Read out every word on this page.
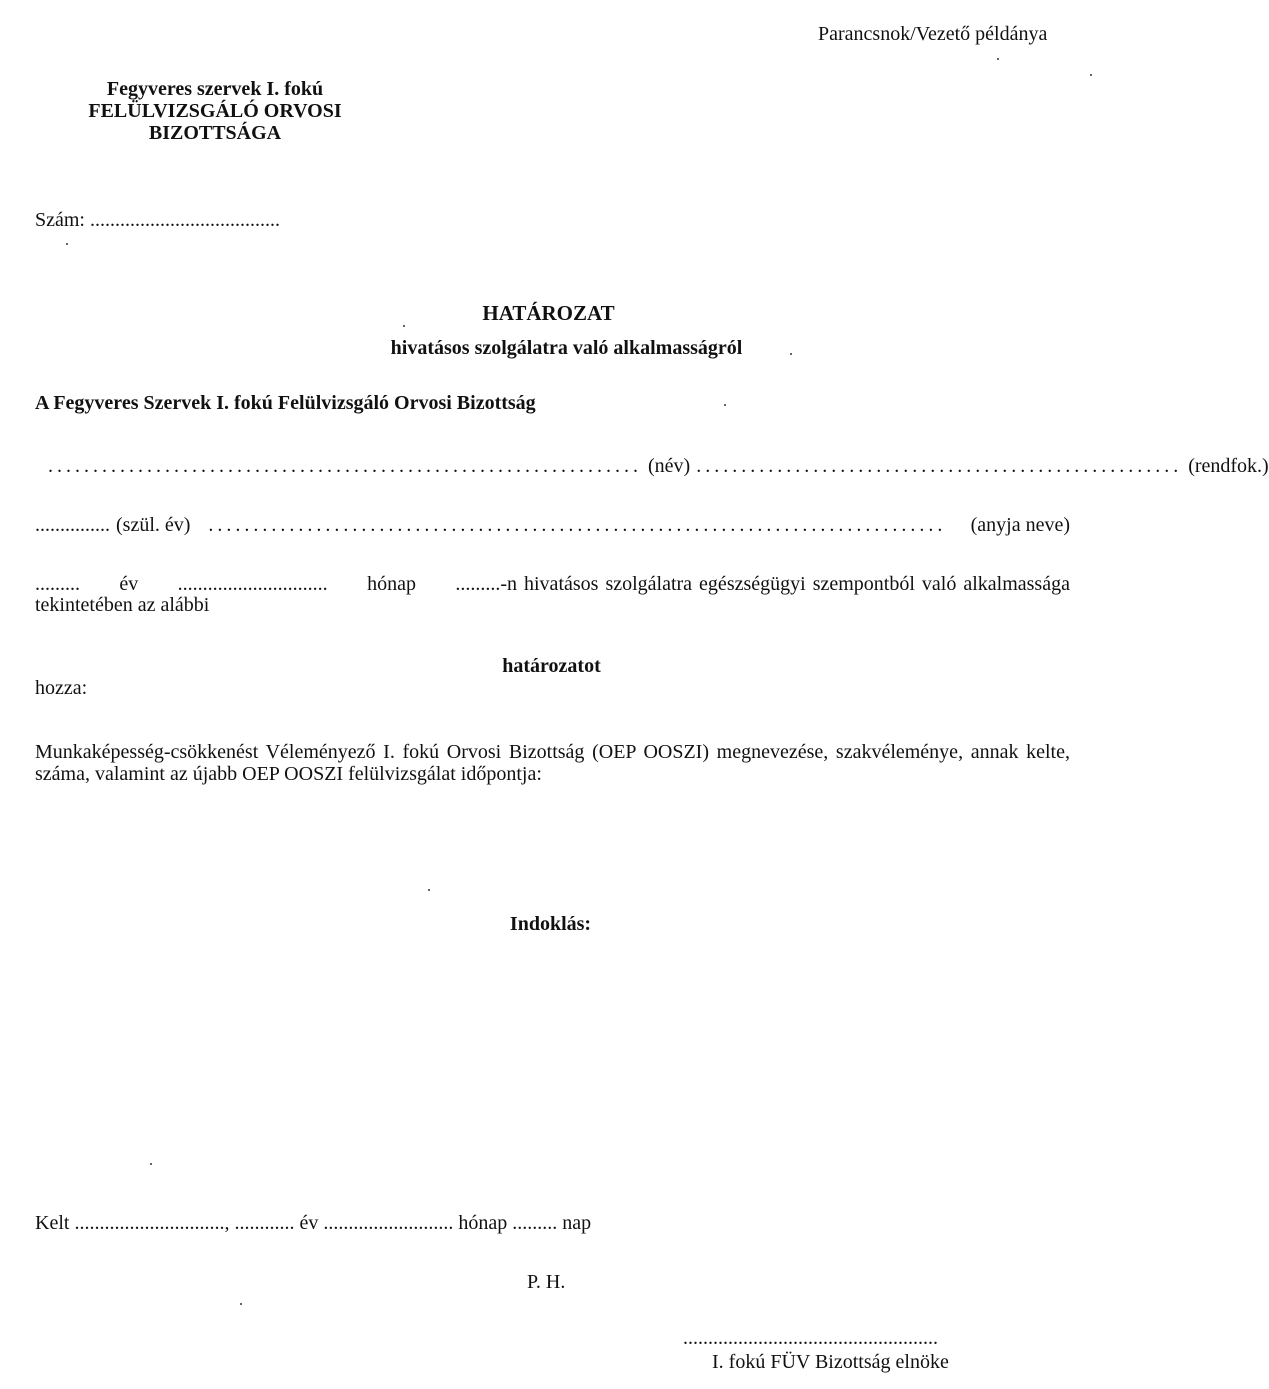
Parancsnok/Vezető példánya
Fegyveres szervek I. fokú
FELÜLVIZSGÁLÓ ORVOSI
BIZOTTSÁGA
Szám: ......................................
HATÁROZAT
hivatásos szolgálatra való alkalmasságról
A Fegyveres Szervek I. fokú Felülvizsgáló Orvosi Bizottság
.................................................................. (név) ...................................................... (rendfok.)
............... (szül. év) ..................................................................................	(anyja neve)
......... év .............................. hónap .........-n hivatásos szolgálatra egészségügyi szempontból való alkalmassága
tekintetében az alábbi
határozatot
hozza:
Munkaképesség-csökkenést Véleményező I. fokú Orvosi Bizottság (OEP OOSZI) megnevezése, szakvéleménye, annak kelte, száma, valamint az újabb OEP OOSZI felülvizsgálat időpontja:
Indoklás:
Kelt .............................., ............ év .......................... hónap ......... nap
P. H.
...................................................
I. fokú FÜV Bizottság elnöke
